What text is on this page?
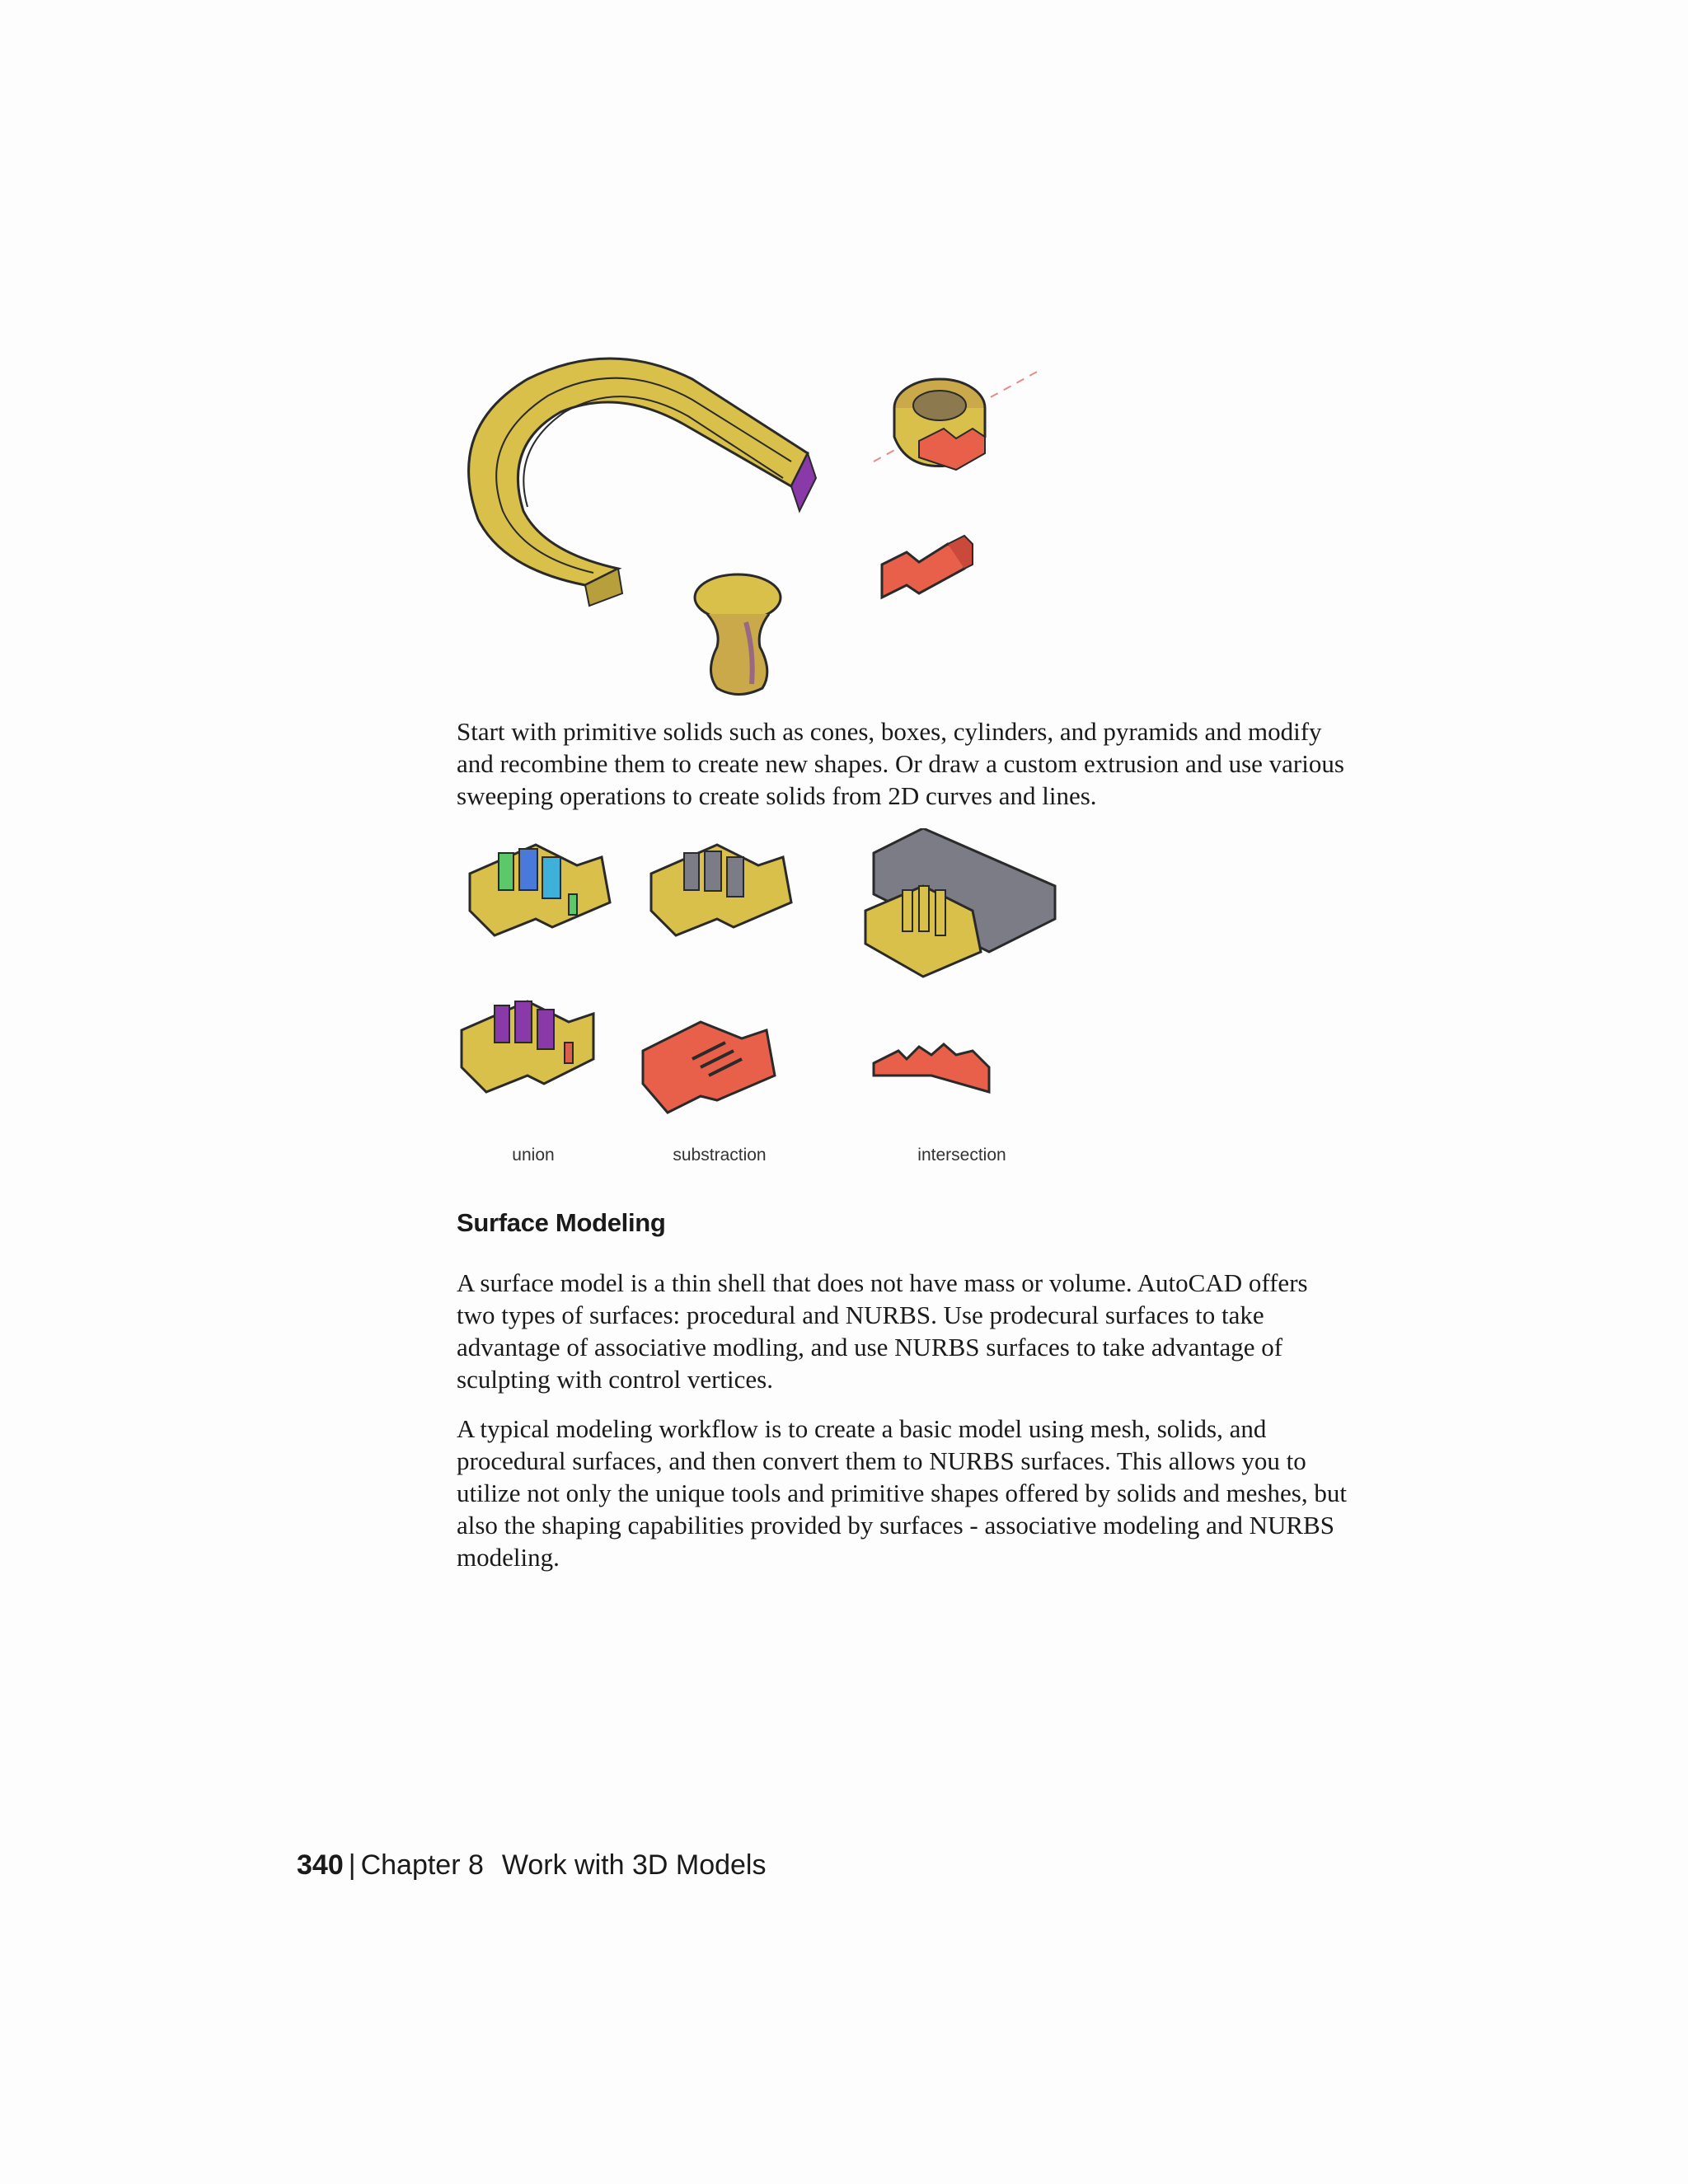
Start with primitive solids such as cones, boxes, cylinders, and pyramids and modify and recombine them to create new shapes. Or draw a custom extrusion and use various sweeping operations to create solids from 2D curves and lines.

union	substraction	intersection
Surface Modeling

A surface model is a thin shell that does not have mass or volume. AutoCAD offers two types of surfaces: procedural and NURBS. Use prodecural surfaces to take advantage of associative modling, and use NURBS surfaces to take advantage of sculpting with control vertices.

A typical modeling workflow is to create a basic model using mesh, solids, and procedural surfaces, and then convert them to NURBS surfaces. This allows you to utilize not only the unique tools and primitive shapes offered by solids and meshes, but also the shaping capabilities provided by surfaces - associative modeling and NURBS modeling.

340 | Chapter 8 Work with 3D Models
